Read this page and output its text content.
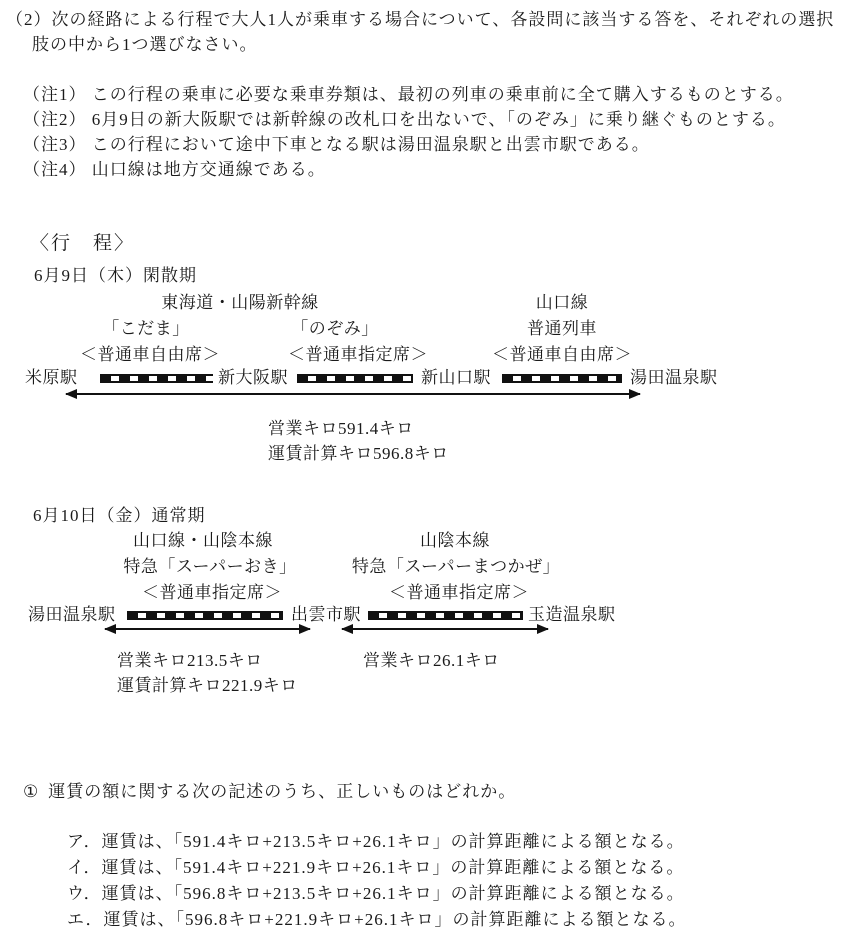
（2）次の経路による行程で大人1人が乗車する場合について、各設問に該当する答を、それぞれの選択
肢の中から1つ選びなさい。
（注1） この行程の乗車に必要な乗車券類は、最初の列車の乗車前に全て購入するものとする。
（注2） 6月9日の新大阪駅では新幹線の改札口を出ないで、「のぞみ」に乗り継ぐものとする。
（注3） この行程において途中下車となる駅は湯田温泉駅と出雲市駅である。
（注4） 山口線は地方交通線である。
〈行　程〉
6月9日（木）閑散期
東海道・山陽新幹線	山口線
「こだま」	「のぞみ」	普通列車
＜普通車自由席＞	＜普通車指定席＞	＜普通車自由席＞
米原駅	新大阪駅	新山口駅	湯田温泉駅
営業キロ591.4キロ
運賃計算キロ596.8キロ
6月10日（金）通常期
山口線・山陰本線	山陰本線
特急「スーパーおき」	特急「スーパーまつかぜ」
＜普通車指定席＞	＜普通車指定席＞
湯田温泉駅	出雲市駅	玉造温泉駅
営業キロ213.5キロ
運賃計算キロ221.9キロ
営業キロ26.1キロ
① 運賃の額に関する次の記述のうち、正しいものはどれか。
ア．運賃は、「591.4キロ+213.5キロ+26.1キロ」の計算距離による額となる。
イ．運賃は、「591.4キロ+221.9キロ+26.1キロ」の計算距離による額となる。
ウ．運賃は、「596.8キロ+213.5キロ+26.1キロ」の計算距離による額となる。
エ．運賃は、「596.8キロ+221.9キロ+26.1キロ」の計算距離による額となる。
